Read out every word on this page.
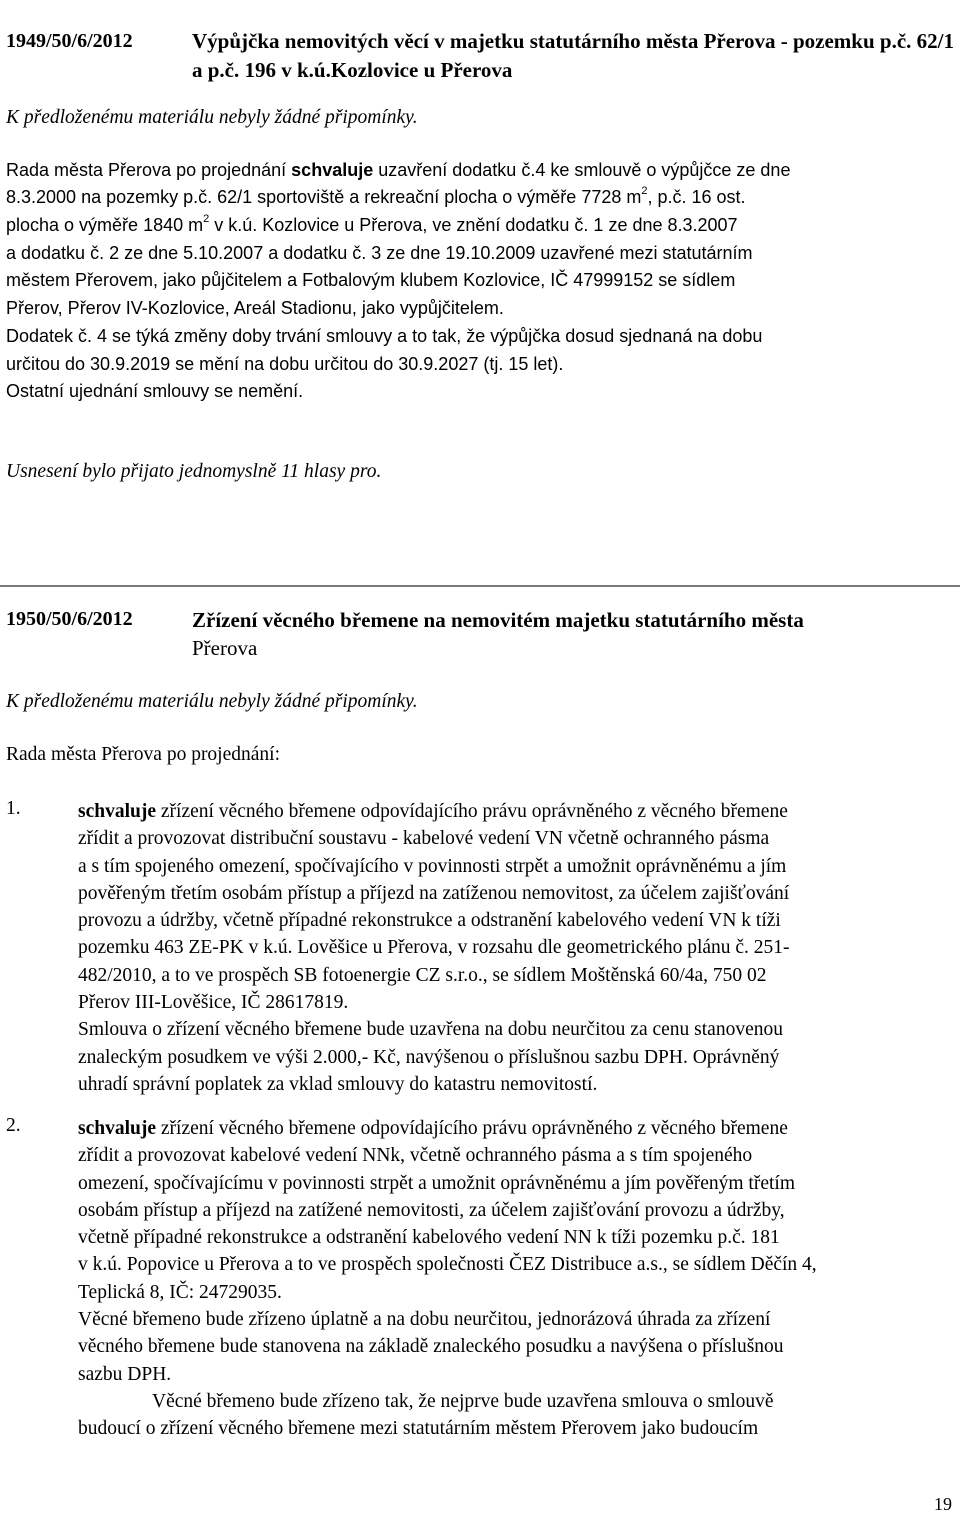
1949/50/6/2012	Výpůjčka nemovitých věcí v majetku statutárního města Přerova - pozemku p.č. 62/1 a p.č. 196 v k.ú.Kozlovice u Přerova
K předloženému materiálu nebyly žádné připomínky.
Rada města Přerova po projednání schvaluje uzavření dodatku č.4 ke smlouvě o výpůjčce ze dne
8.3.2000 na pozemky p.č. 62/1 sportoviště a rekreační plocha o výměře 7728 $m^2$, p.č. 16 ost.
plocha o výměře 1840 $m^2$ v k.ú. Kozlovice u Přerova, ve znění dodatku č. 1 ze dne 8.3.2007
a dodatku č. 2 ze dne 5.10.2007 a dodatku č. 3 ze dne 19.10.2009 uzavřené mezi statutárním
městem Přerovem, jako půjčitelem a Fotbalovým klubem Kozlovice, IČ 47999152 se sídlem
Přerov, Přerov IV-Kozlovice, Areál Stadionu, jako vypůjčitelem.
Dodatek č. 4 se týká změny doby trvání smlouvy a to tak, že výpůjčka dosud sjednaná na dobu
určitou do 30.9.2019 se mění na dobu určitou do 30.9.2027 (tj. 15 let).
Ostatní ujednání smlouvy se nemění.
Usnesení bylo přijato jednomyslně 11 hlasy pro.
1950/50/6/2012	Zřízení věcného břemene na nemovitém majetku statutárního města
Přerova
K předloženému materiálu nebyly žádné připomínky.
Rada města Přerova po projednání:
1.	schvaluje zřízení věcného břemene odpovídajícího právu oprávněného z věcného břemene
zřídit a provozovat distribuční soustavu - kabelové vedení VN včetně ochranného pásma
a s tím spojeného omezení, spočívajícího v povinnosti strpět a umožnit oprávněnému a jím
pověřeným třetím osobám přístup a příjezd na zatíženou nemovitost, za účelem zajišťování
provozu a údržby, včetně případné rekonstrukce a odstranění kabelového vedení VN k tíži
pozemku 463 ZE-PK v k.ú. Lověšice u Přerova, v rozsahu dle geometrického plánu č. 251-
482/2010, a to ve prospěch SB fotoenergie CZ s.r.o., se sídlem Moštěnská 60/4a, 750 02
Přerov III-Lověšice, IČ 28617819.
Smlouva o zřízení věcného břemene bude uzavřena na dobu neurčitou za cenu stanovenou
znaleckým posudkem ve výši 2.000,- Kč, navýšenou o příslušnou sazbu DPH. Oprávněný
uhradí správní poplatek za vklad smlouvy do katastru nemovitostí.
2.	schvaluje zřízení věcného břemene odpovídajícího právu oprávněného z věcného břemene
zřídit a provozovat kabelové vedení NNk, včetně ochranného pásma a s tím spojeného
omezení, spočívajícímu v povinnosti strpět a umožnit oprávněnému a jím pověřeným třetím
osobám přístup a příjezd na zatížené nemovitosti, za účelem zajišťování provozu a údržby,
včetně případné rekonstrukce a odstranění kabelového vedení NN k tíži pozemku p.č. 181
v k.ú. Popovice u Přerova a to ve prospěch společnosti ČEZ Distribuce a.s., se sídlem Děčín 4,
Teplická 8, IČ: 24729035.
Věcné břemeno bude zřízeno úplatně a na dobu neurčitou, jednorázová úhrada za zřízení
věcného břemene bude stanovena na základě znaleckého posudku a navýšena o příslušnou
sazbu DPH.
Věcné břemeno bude zřízeno tak, že nejprve bude uzavřena smlouva o smlouvě
budoucí o zřízení věcného břemene mezi statutárním městem Přerovem jako budoucím
19
